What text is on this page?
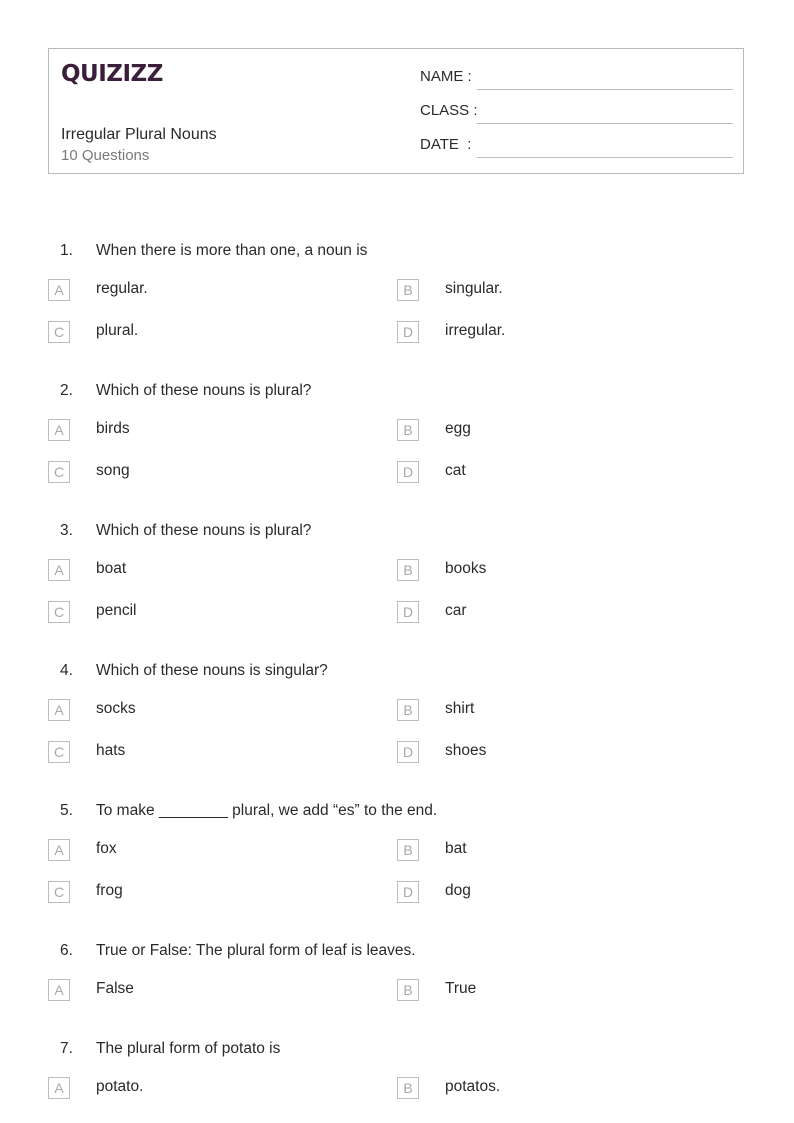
QUIZIZZ
Irregular Plural Nouns
10 Questions
NAME :
CLASS :
DATE  :
1. When there is more than one, a noun is
A	regular.	B	singular.
C	plural.	D	irregular.
2. Which of these nouns is plural?
A	birds	B	egg
C	song	D	cat
3. Which of these nouns is plural?
A	boat	B	books
C	pencil	D	car
4. Which of these nouns is singular?
A	socks	B	shirt
C	hats	D	shoes
5. To make ________ plural, we add “es” to the end.
A	fox	B	bat
C	frog	D	dog
6. True or False: The plural form of leaf is leaves.
A	False	B	True
7. The plural form of potato is
A	potato.	B	potatos.
